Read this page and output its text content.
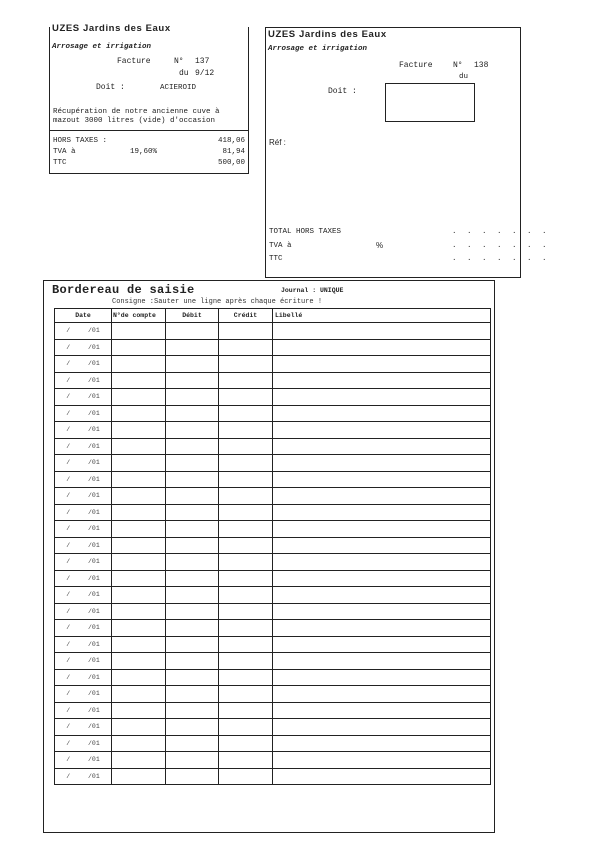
UZES Jardins des Eaux
Arrosage et irrigation
Facture	N° 137
du 9/12
Doit :	ACIEROID
Récupération de notre ancienne cuve à
mazout 3000 litres (vide) d'occasion
HORS TAXES :	418,06
TVA à	19,60%	81,94
TTC	500,00
UZES Jardins des Eaux
Arrosage et irrigation
Facture	N° 138
du
Doit :
Réf :
TOTAL HORS TAXES	. . . . . . .
TVA à	%	. . . . . . .
TTC	. . . . . . .
Bordereau de saisie	Journal : UNIQUE
Consigne :Sauter une ligne après chaque écriture !
Date	N°de compte	Débit	Crédit	Libellé
/ /01				
/ /01				
/ /01				
/ /01				
/ /01				
/ /01				
/ /01				
/ /01				
/ /01				
/ /01				
/ /01				
/ /01				
/ /01				
/ /01				
/ /01				
/ /01				
/ /01				
/ /01				
/ /01				
/ /01				
/ /01				
/ /01				
/ /01				
/ /01				
/ /01				
/ /01				
/ /01				
/ /01				
